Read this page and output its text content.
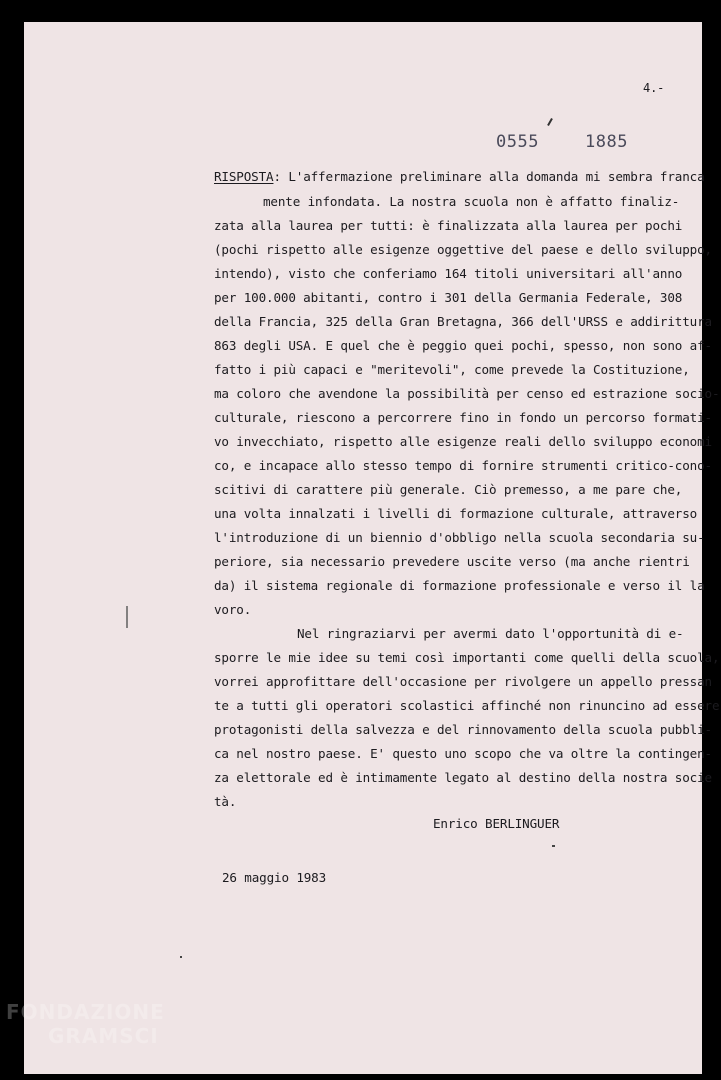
4.-
0555	1885
RISPOSTA: L'affermazione preliminare alla domanda mi sembra franca
mente infondata. La nostra scuola non è affatto finaliz-
zata alla laurea per tutti: è finalizzata alla laurea per pochi
(pochi rispetto alle esigenze oggettive del paese e dello sviluppo,
intendo), visto che conferiamo 164 titoli universitari all'anno
per 100.000 abitanti, contro i 301 della Germania Federale, 308
della Francia, 325 della Gran Bretagna, 366 dell'URSS e addirittura
863 degli USA. E quel che è peggio quei pochi, spesso, non sono af-
fatto i più capaci e "meritevoli", come prevede la Costituzione,
ma coloro che avendone la possibilità per censo ed estrazione socio-
culturale, riescono a percorrere fino in fondo un percorso formati-
vo invecchiato, rispetto alle esigenze reali dello sviluppo economi
co, e incapace allo stesso tempo di fornire strumenti critico-cono-
scitivi di carattere più generale. Ciò premesso, a me pare che,
una volta innalzati i livelli di formazione culturale, attraverso
l'introduzione di un biennio d'obbligo nella scuola secondaria su-
periore, sia necessario prevedere uscite verso (ma anche rientri
da) il sistema regionale di formazione professionale e verso il la
voro.
Nel ringraziarvi per avermi dato l'opportunità di e-
sporre le mie idee su temi così importanti come quelli della scuola,
vorrei approfittare dell'occasione per rivolgere un appello pressan
te a tutti gli operatori scolastici affinché non rinuncino ad essere
protagonisti della salvezza e del rinnovamento della scuola pubbli-
ca nel nostro paese. E' questo uno scopo che va oltre la contingen-
za elettorale ed è intimamente legato al destino della nostra socie
tà.
Enrico BERLINGUER
26 maggio 1983
FONDAZIONE
GRAMSCI
